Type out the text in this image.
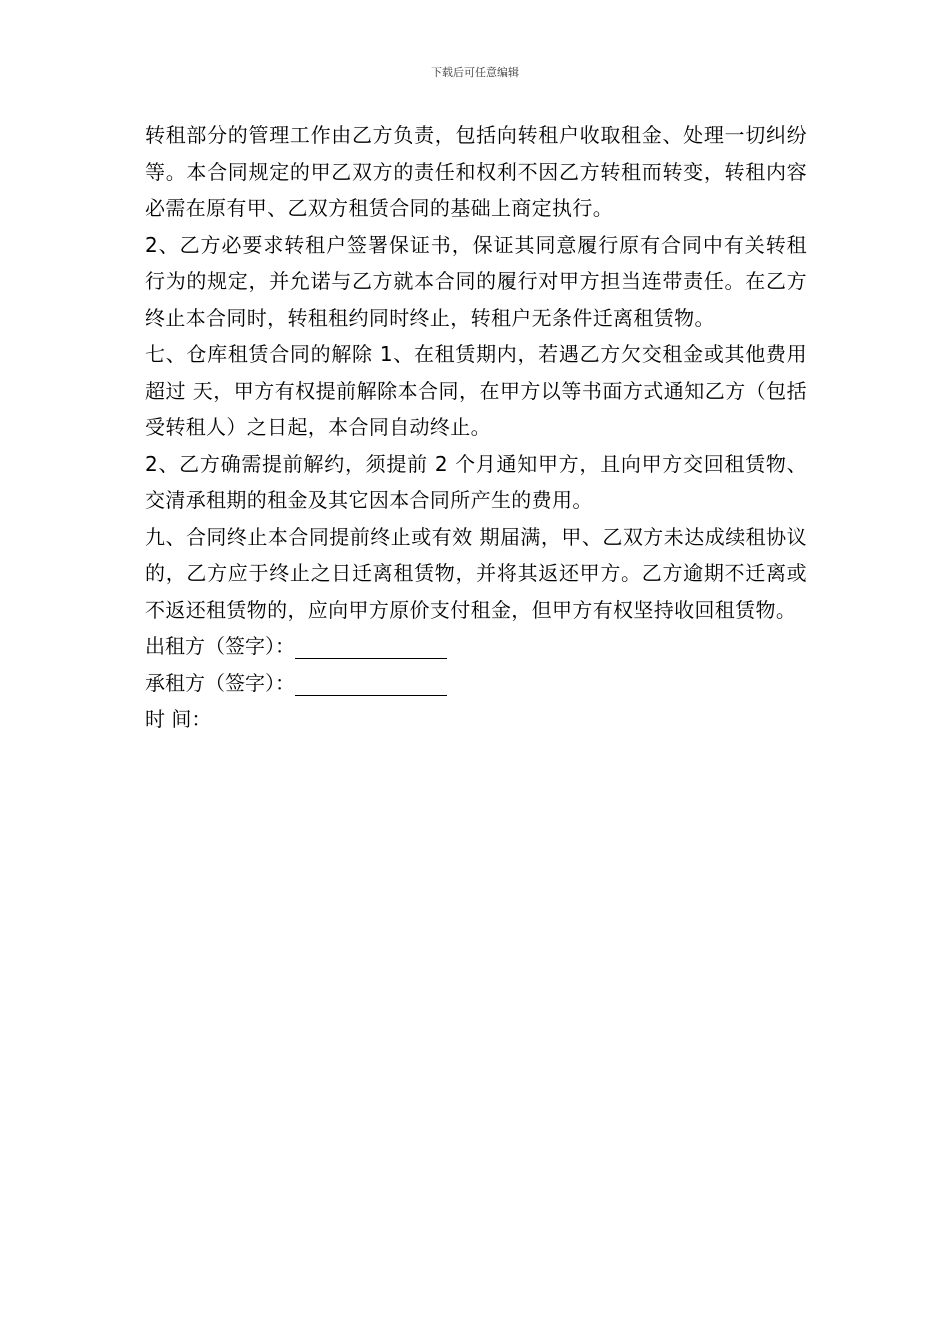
下载后可任意编辑

转租部分的管理工作由乙方负责，包括向转租户收取租金、处理一切纠纷等。本合同规定的甲乙双方的责任和权利不因乙方转租而转变，转租内容必需在原有甲、乙双方租赁合同的基础上商定执行。

2、乙方必要求转租户签署保证书，保证其同意履行原有合同中有关转租行为的规定，并允诺与乙方就本合同的履行对甲方担当连带责任。在乙方终止本合同时，转租租约同时终止，转租户无条件迁离租赁物。

七、仓库租赁合同的解除 1、在租赁期内，若遇乙方欠交租金或其他费用超过 天，甲方有权提前解除本合同，在甲方以等书面方式通知乙方（包括受转租人）之日起，本合同自动终止。

2、乙方确需提前解约，须提前 2 个月通知甲方，且向甲方交回租赁物、交清承租期的租金及其它因本合同所产生的费用。

九、合同终止本合同提前终止或有效 期届满，甲、乙双方未达成续租协议的，乙方应于终止之日迁离租赁物，并将其返还甲方。乙方逾期不迁离或不返还租赁物的，应向甲方原价支付租金，但甲方有权坚持收回租赁物。

出租方（签字）：

承租方（签字）：

时 间：
